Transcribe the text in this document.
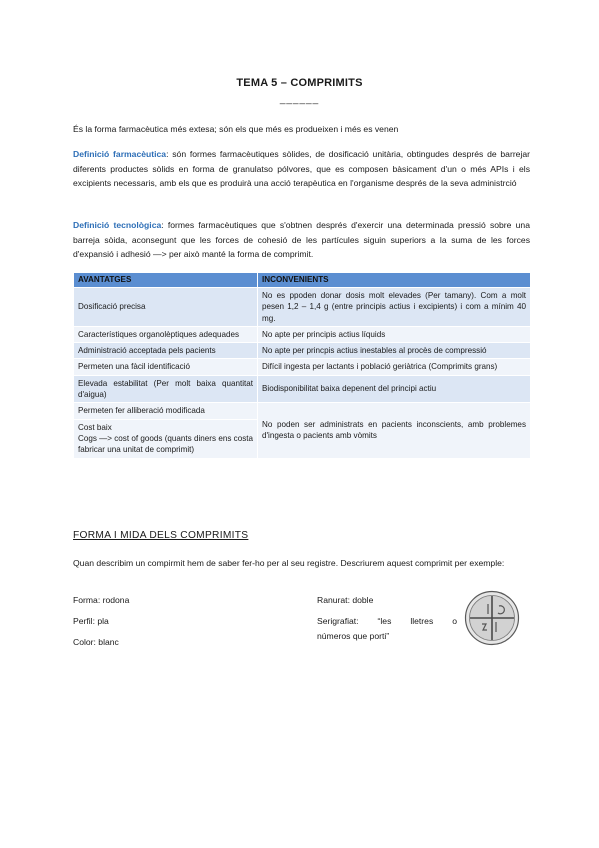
TEMA 5 – COMPRIMITS
______
És la forma farmacèutica més extesa; són els que més es produeixen i més es venen
Definició farmacèutica: són formes farmacèutiques sòlides, de dosificació unitària, obtingudes després de barrejar diferents productes sòlids en forma de granulatso pólvores, que es composen bàsicament d'un o més APIs i els excipients necessaris, amb els que es produirà una acció terapèutica en l'organisme després de la seva administrció
Definició tecnològica: formes farmacèutiques que s'obtnen després d'exercir una determinada pressió sobre una barreja sòida, aconsegunt que les forces de cohesió de les partícules siguin superiors a la suma de les forces d'expansió i adhesió —> per això manté la forma de comprimit.
AVANTATGES	INCONVENIENTS
Dosificació precisa	No es ppoden donar dosis molt elevades (Per tamany). Com a molt pesen 1,2 – 1,4 g (entre principis actius i excipients) i com a mínim 40 mg.
Característiques organolèptiques adequades	No apte per principis actius líquids
Administració acceptada pels pacients	No apte per princpis actius inestables al procès de compressió
Permeten una fàcil identificació	Difícil ingesta per lactants i població geriàtrica (Comprimits grans)
Elevada estabilitat (Per molt baixa quantitat d'aigua)	Biodisponibilitat baixa depenent del principi actiu
Permeten fer alliberació modificada	No poden ser administrats en pacients inconscients, amb problemes d'ingesta o pacients amb vòmits

Cost baix
Cogs —> cost of goods (quants diners ens costa fabricar una unitat de comprimit)	
FORMA I MIDA DELS COMPRIMITS
Quan describim un compirmit hem de saber fer-ho per al seu registre. Descriurem aquest comprimit per exemple:
Forma: rodona
Perfil: pla
Color: blanc
Ranurat: doble
Serigrafiat: “les lletres o
números que porti”
